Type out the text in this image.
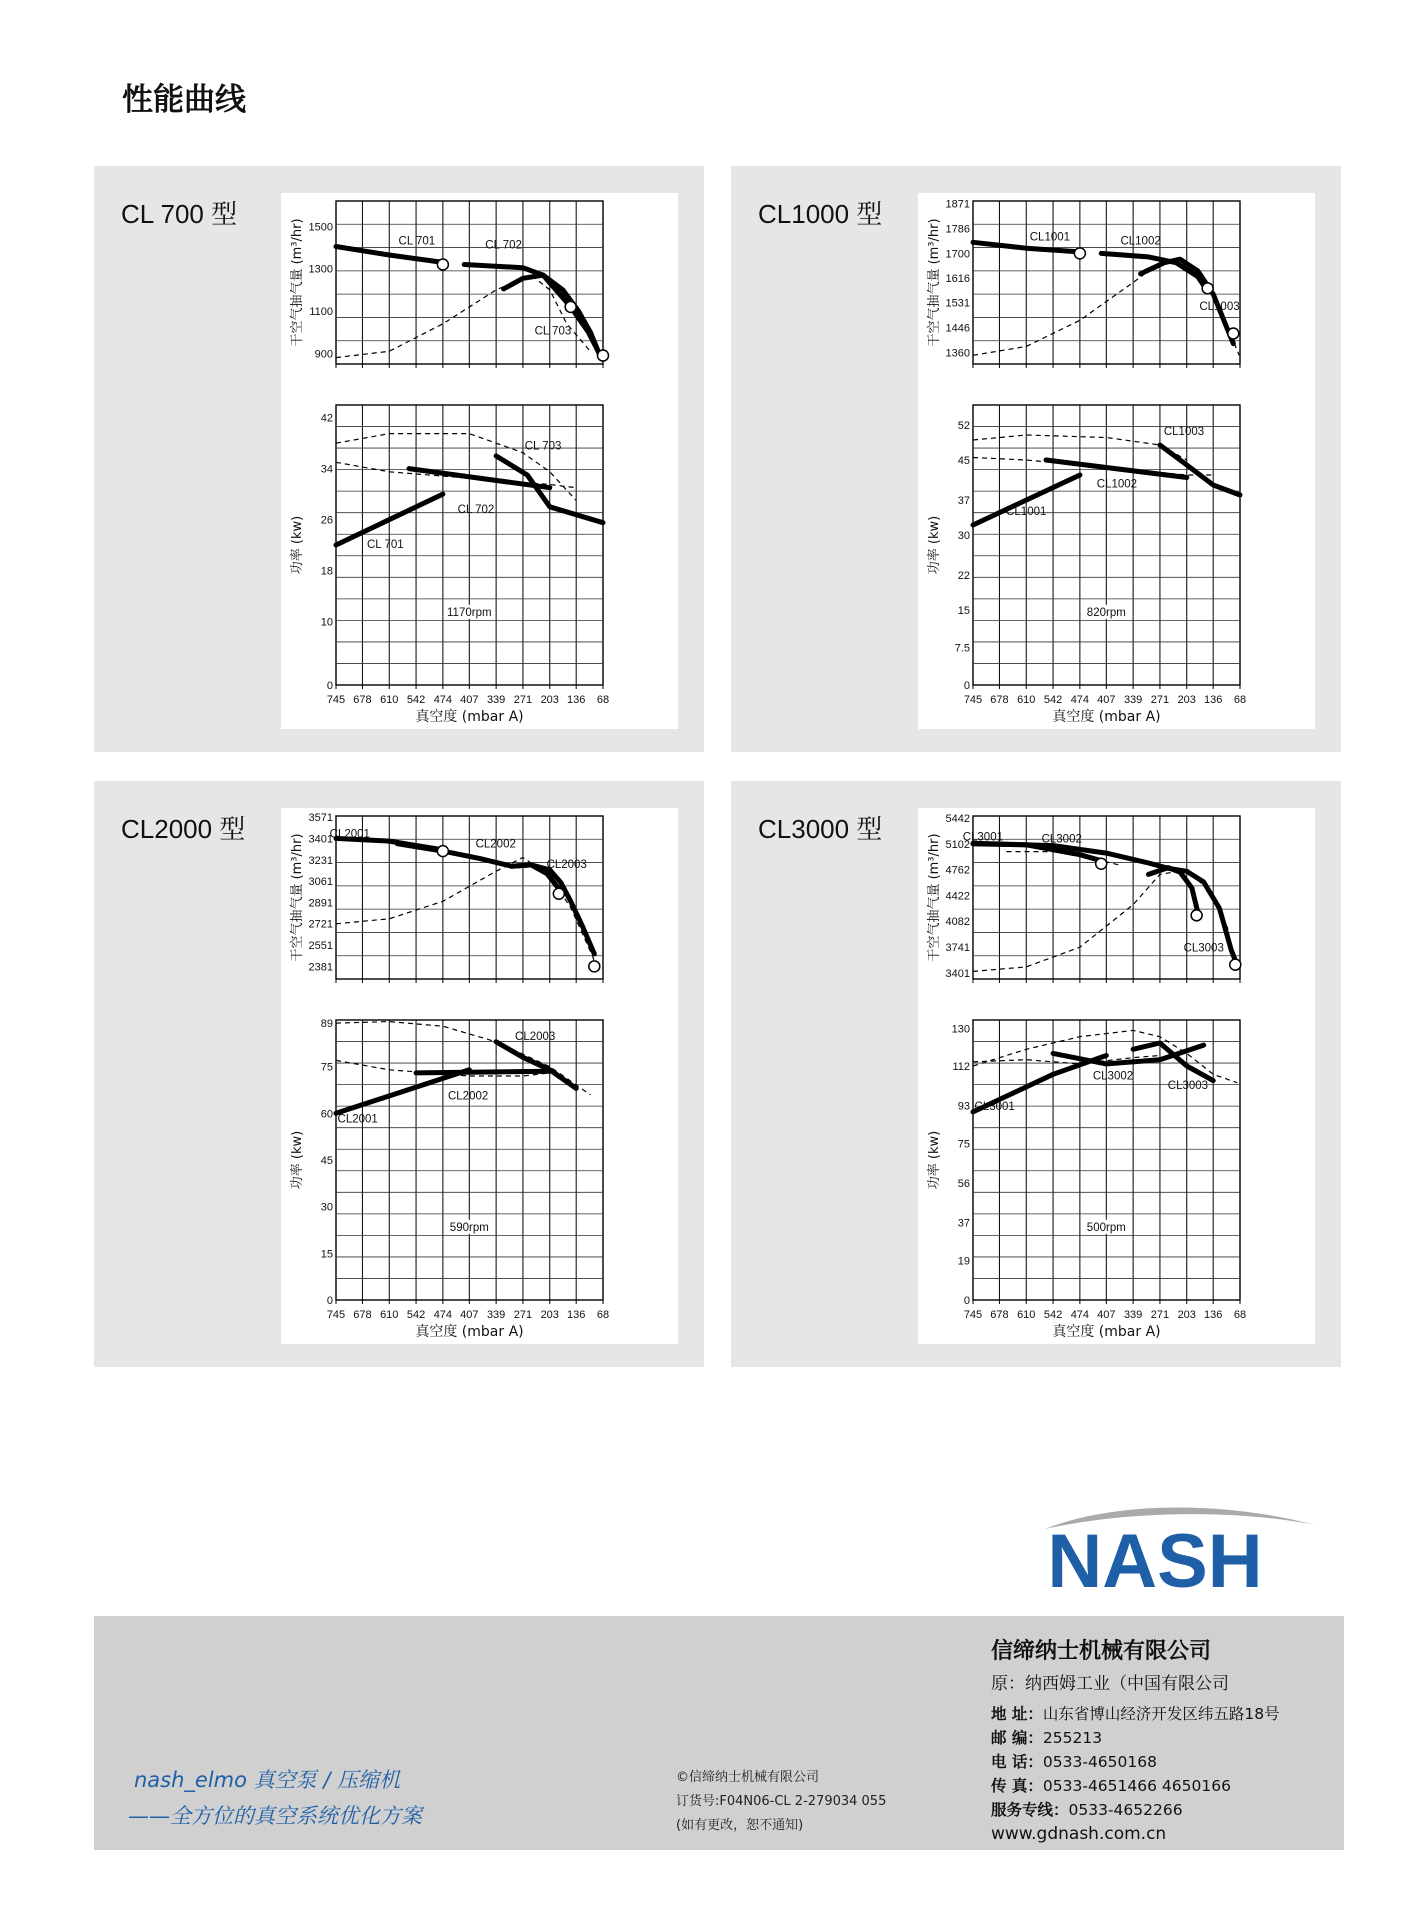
性能曲线
CL 700 型
900
1100
1300
1500
干空气抽气量 (m³/hr)	CL 701	CL 702
CL 703
0
10
18
26
34
42
功率 (kw)
CL 703
CL 702
CL 701
1170rpm
745 678 610 542 474 407 339 271 203 136 68
真空度 (mbar A)
CL1000 型
1360
1446
1531
1616
1700
1786
1871
干空气抽气量 (m³/hr)	CL1001	CL1002
CL1003
0
7.5
15
22
30
37
45
52
功率 (kw)
CL1003
CL1002
CL1001
820rpm
745 678 610 542 474 407 339 271 203 136 68
真空度 (mbar A)
CL2000 型
2381
2551
2721
2891
3061
3231
3401
3571
干空气抽气量 (m³/hr) CL2001
CL2002
CL2003
0
15
30
45
60
75
89
功率 (kw)
CL2003
CL2002
CL2001
590rpm
745 678 610 542 474 407 339 271 203 136 68
真空度 (mbar A)
CL3000 型
3401
3741
4082
4422
4762
5102
5442
干空气抽气量 (m³/hr) CL3001	CL3002
CL3003
0
19
37
56
75
93
112
130
功率 (kw)
CL3002
CL3003
CL3001
500rpm
745 678 610 542 474 407 339 271 203 136 68
真空度 (mbar A)
NASH
nash_elmo 真空泵 / 压缩机
——全方位的真空系统优化方案
©信缔纳士机械有限公司
订货号:F04N06-CL 2-279034 055
(如有更改，恕不通知)
信缔纳士机械有限公司
原：纳西姆工业（中国有限公司
地 址：山东省博山经济开发区纬五路18号
邮 编：255213
电 话：0533-4650168
传 真：0533-4651466 4650166
服务专线：0533-4652266
www.gdnash.com.cn
